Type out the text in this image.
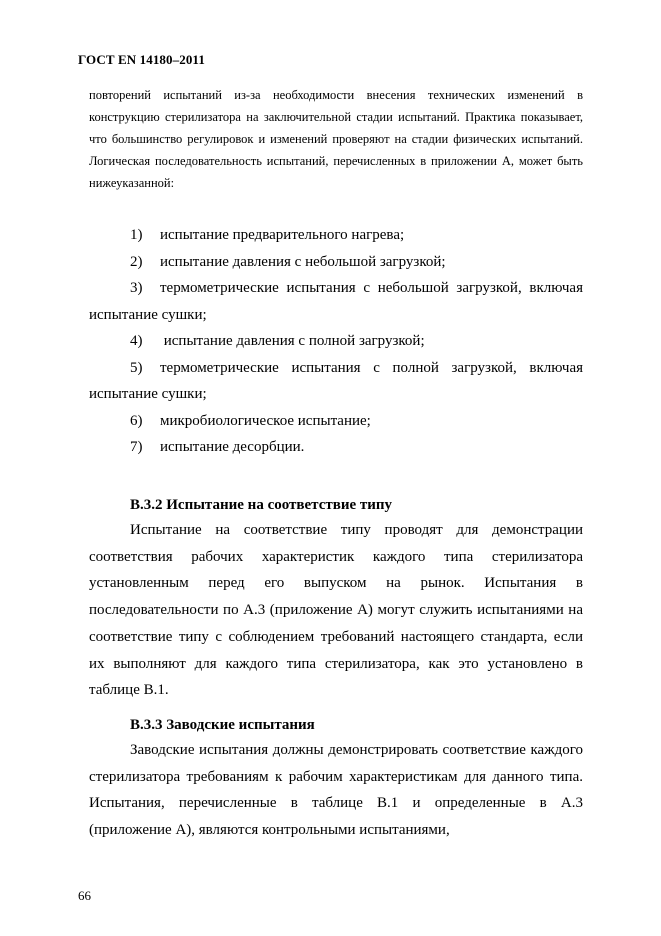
ГОСТ EN 14180–2011

повторений испытаний из-за необходимости внесения технических изменений в конструкцию стерилизатора на заключительной стадии испытаний. Практика показывает, что большинство регулировок и изменений проверяют на стадии физических испытаний. Логическая последовательность испытаний, перечисленных в приложении А, может быть нижеуказанной:

1) испытание предварительного нагрева;
2) испытание давления с небольшой загрузкой;
3) термометрические испытания с небольшой загрузкой, включая испытание сушки;
4) испытание давления с полной загрузкой;
5) термометрические испытания с полной загрузкой, включая испытание сушки;
6) микробиологическое испытание;
7) испытание десорбции.
B.3.2 Испытание на соответствие типу

Испытание на соответствие типу проводят для демонстрации соответствия рабочих характеристик каждого типа стерилизатора установленным перед его выпуском на рынок. Испытания в последовательности по А.3 (приложение А) могут служить испытаниями на соответствие типу с соблюдением требований настоящего стандарта, если их выполняют для каждого типа стерилизатора, как это установлено в таблице В.1.

B.3.3 Заводские испытания

Заводские испытания должны демонстрировать соответствие каждого стерилизатора требованиям к рабочим характеристикам для данного типа. Испытания, перечисленные в таблице В.1 и определенные в А.3 (приложение А), являются контрольными испытаниями,

66
